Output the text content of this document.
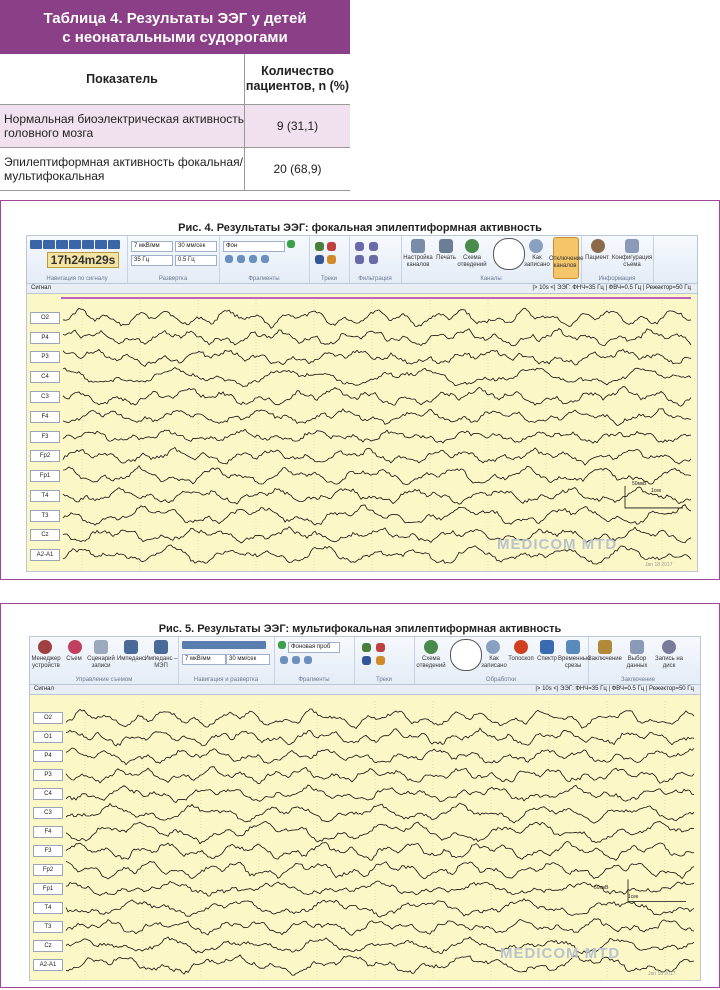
Таблица 4. Результаты ЭЭГ у детей
с неонатальными судорогами
Показатель
Количество
пациентов, n (%)
Нормальная биоэлектрическая активность
головного мозга	9 (31,1)
Эпилептиформная активность фокальная/
мультифокальная	20 (68,9)
Рис. 4. Результаты ЭЭГ: фокальная эпилептиформная активность
17h24m29s
Навигация по сигналу
7 мкВ/мм	30 мм/сек
35 Гц	0.5 Гц
Развертка
Фон
Фрагменты	Треки	Фильтрация
Настройка каналов
Печать	Схема отведений
Как записано
Отключение каналов
Каналы
Пациент Конфигурация съема
Информация
Сигнал	|> 10s <| ЭЭГ: ФНЧ=35 Гц | ФВЧ=0.5 Гц | Режектор=50 Гц
O2
P4
P3
C4
C3
F4
F3
Fp2
Fp1
T4
T3
Cz
A2-A1
MEDICOM MTD
Jan 18 2017
50мкВ
1сек
Рис. 5. Результаты ЭЭГ: мультифокальная эпилептиформная активность
Менеджер устройств
Съем Сценарий записи
Импеданс Импеданс – МЭП
Управление съемом
7 мкВ/мм	30 мм/сек
Навигация и развертка
Фоновая проб
Фрагменты	Треки
Схема отведений
Как записано
Топоскоп Спектр Временные срезы
Обработки
Заключение Выбор данных
Запись на диск
Заключение
Сигнал	|> 10s <| ЭЭГ: ФНЧ=35 Гц | ФВЧ=0.5 Гц | Режектор=50 Гц
O2
O1
P4
P3
C4
C3
F4
F3
Fp2
Fp1
T4
T3
Cz
A2-A1
MEDICOM MTD
Jan 18 2017
50мкВ
1сек
